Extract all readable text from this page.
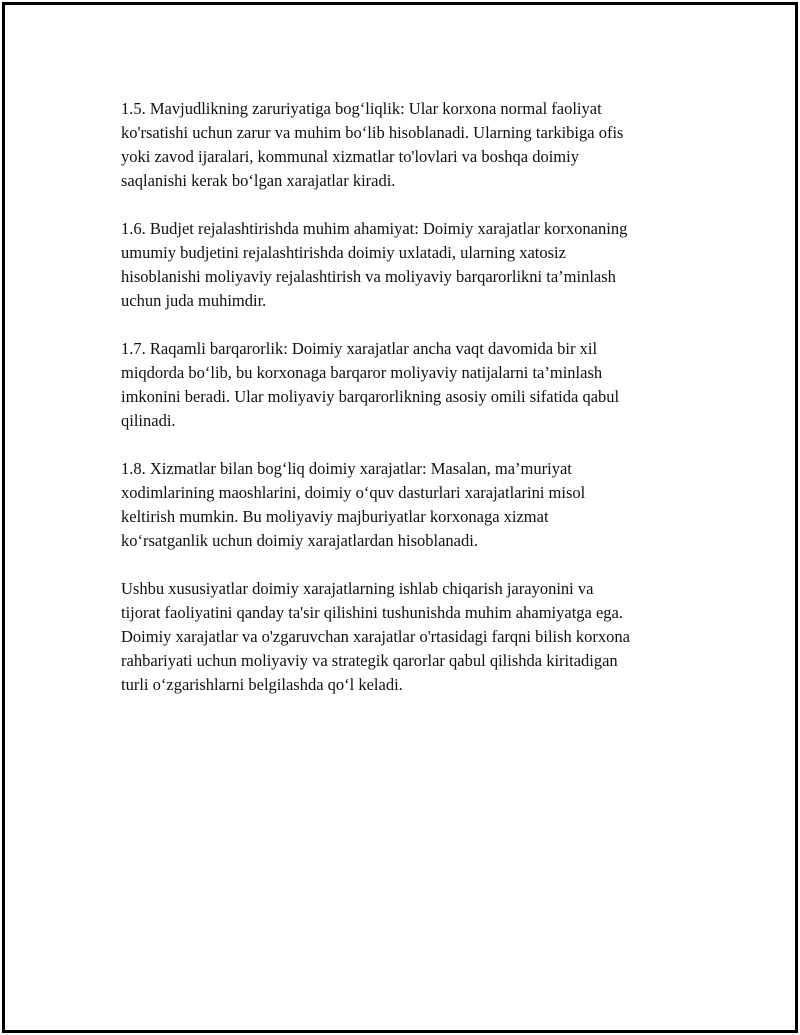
1.5. Mavjudlikning zaruriyatiga bog‘liqlik: Ular korxona normal faoliyat
ko'rsatishi uchun zarur va muhim bo‘lib hisoblanadi. Ularning tarkibiga ofis
yoki zavod ijaralari, kommunal xizmatlar to'lovlari va boshqa doimiy
saqlanishi kerak bo‘lgan xarajatlar kiradi.

1.6. Budjet rejalashtirishda muhim ahamiyat: Doimiy xarajatlar korxonaning
umumiy budjetini rejalashtirishda doimiy uxlatadi, ularning xatosiz
hisoblanishi moliyaviy rejalashtirish va moliyaviy barqarorlikni ta’minlash
uchun juda muhimdir.

1.7. Raqamli barqarorlik: Doimiy xarajatlar ancha vaqt davomida bir xil
miqdorda bo‘lib, bu korxonaga barqaror moliyaviy natijalarni ta’minlash
imkonini beradi. Ular moliyaviy barqarorlikning asosiy omili sifatida qabul
qilinadi.

1.8. Xizmatlar bilan bog‘liq doimiy xarajatlar: Masalan, ma’muriyat
xodimlarining maoshlarini, doimiy o‘quv dasturlari xarajatlarini misol
keltirish mumkin. Bu moliyaviy majburiyatlar korxonaga xizmat
ko‘rsatganlik uchun doimiy xarajatlardan hisoblanadi.

Ushbu xususiyatlar doimiy xarajatlarning ishlab chiqarish jarayonini va
tijorat faoliyatini qanday ta'sir qilishini tushunishda muhim ahamiyatga ega.
Doimiy xarajatlar va o'zgaruvchan xarajatlar o'rtasidagi farqni bilish korxona
rahbariyati uchun moliyaviy va strategik qarorlar qabul qilishda kiritadigan
turli o‘zgarishlarni belgilashda qo‘l keladi.
